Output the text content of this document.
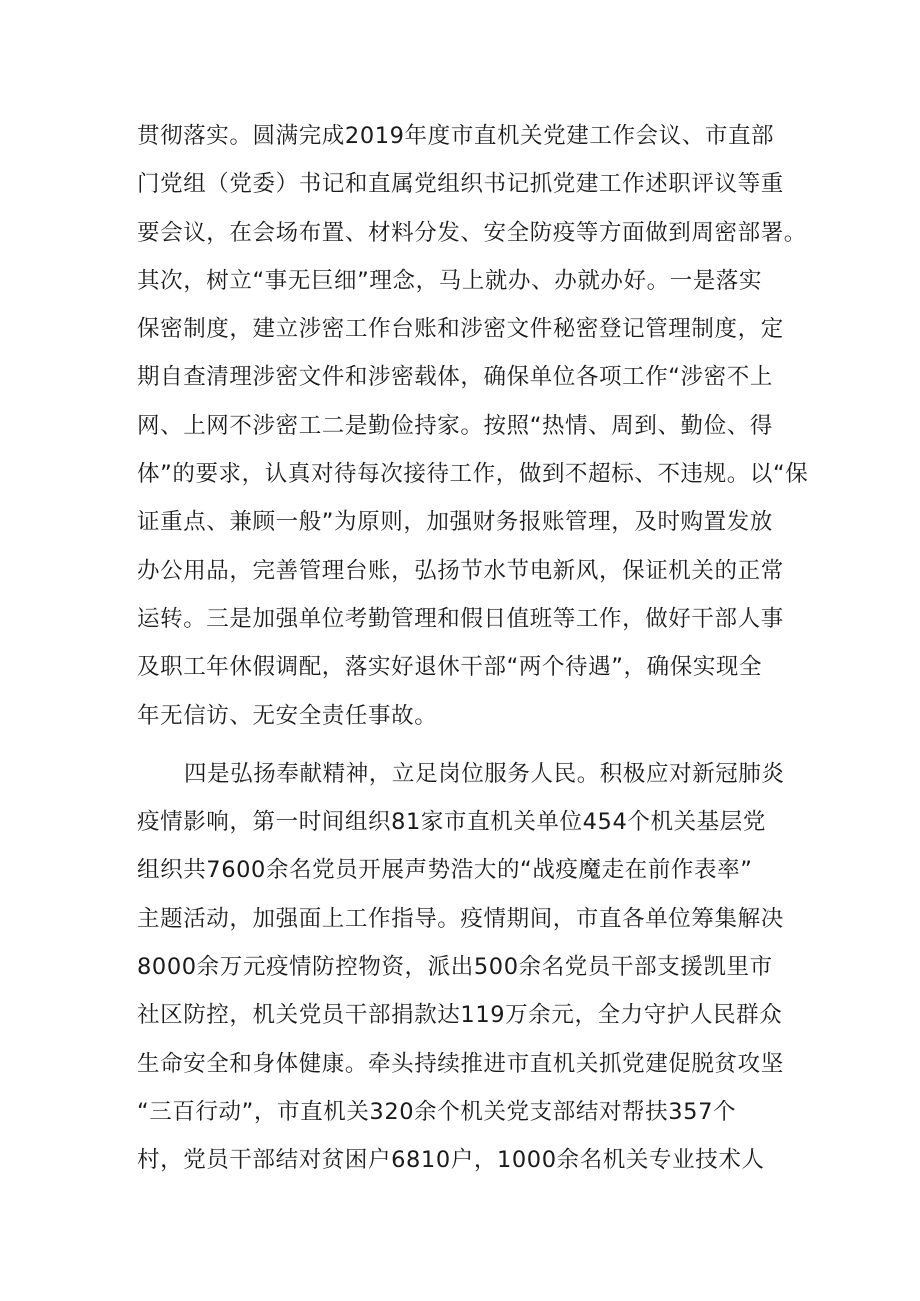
贯彻落实。圆满完成2019年度市直机关党建工作会议、市直部
门党组（党委）书记和直属党组织书记抓党建工作述职评议等重
要会议，在会场布置、材料分发、安全防疫等方面做到周密部署。
其次，树立“事无巨细”理念，马上就办、办就办好。一是落实
保密制度，建立涉密工作台账和涉密文件秘密登记管理制度，定
期自查清理涉密文件和涉密载体，确保单位各项工作“涉密不上
网、上网不涉密工二是勤俭持家。按照“热情、周到、勤俭、得
体”的要求，认真对待每次接待工作，做到不超标、不违规。以“保
证重点、兼顾一般”为原则，加强财务报账管理，及时购置发放
办公用品，完善管理台账，弘扬节水节电新风，保证机关的正常
运转。三是加强单位考勤管理和假日值班等工作，做好干部人事
及职工年休假调配，落实好退休干部“两个待遇”，确保实现全
年无信访、无安全责任事故。
四是弘扬奉献精神，立足岗位服务人民。积极应对新冠肺炎
疫情影响，第一时间组织81家市直机关单位454个机关基层党
组织共7600余名党员开展声势浩大的“战疫魔走在前作表率”
主题活动，加强面上工作指导。疫情期间，市直各单位筹集解决
8000余万元疫情防控物资，派出500余名党员干部支援凯里市
社区防控，机关党员干部捐款达119万余元，全力守护人民群众
生命安全和身体健康。牵头持续推进市直机关抓党建促脱贫攻坚
“三百行动”，市直机关320余个机关党支部结对帮扶357个
村，党员干部结对贫困户6810户，1000余名机关专业技术人
